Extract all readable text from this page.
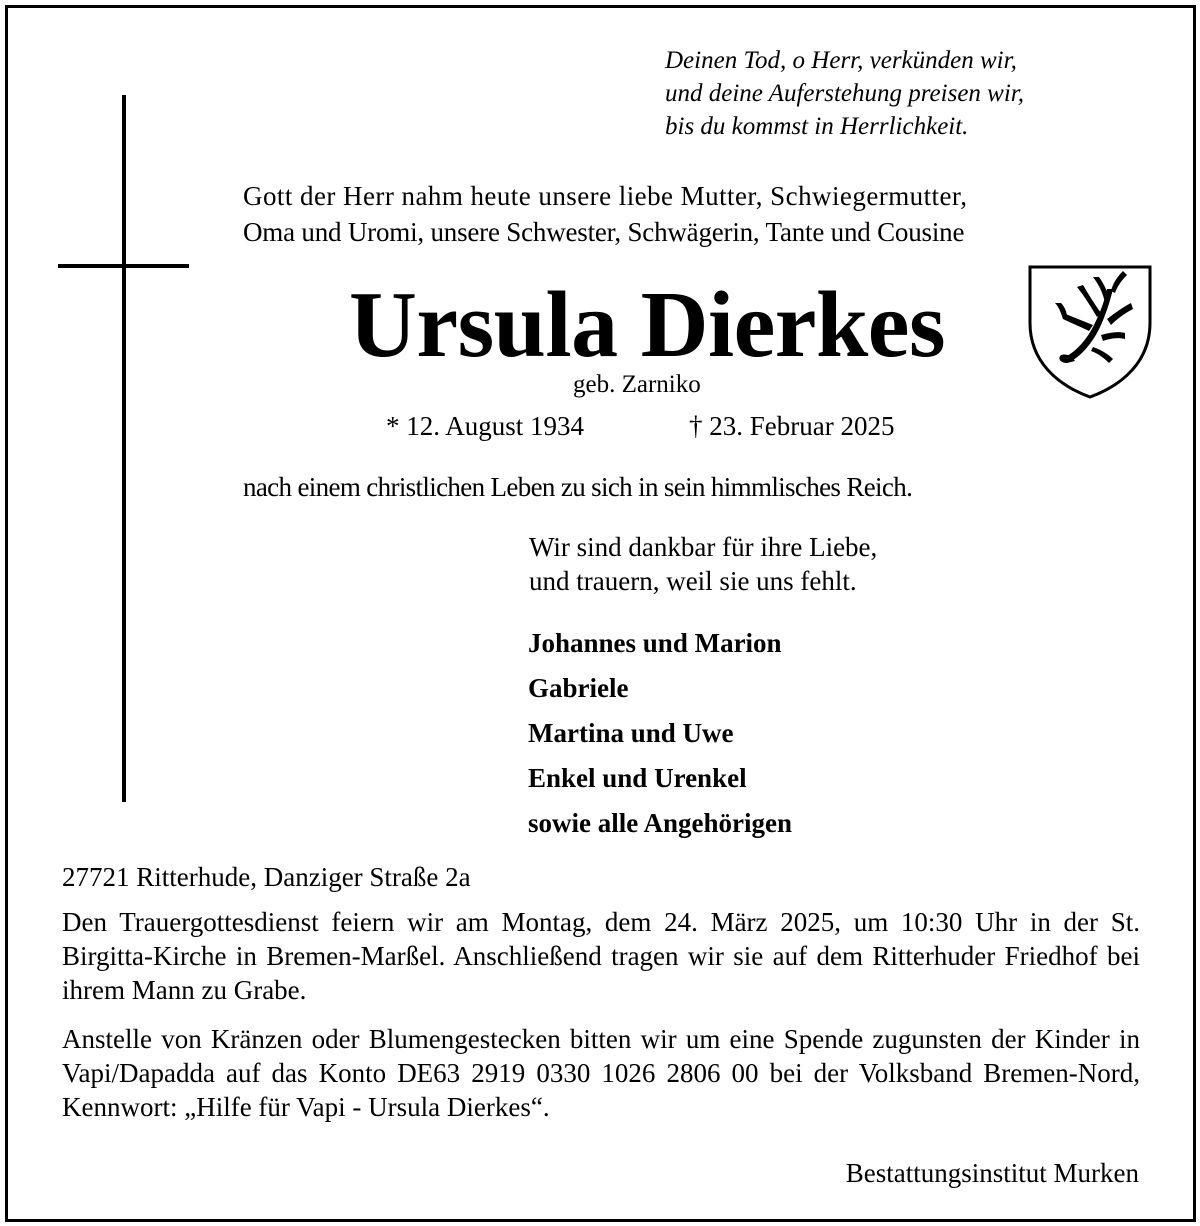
Deinen Tod, o Herr, verkünden wir,
und deine Auferstehung preisen wir,
bis du kommst in Herrlichkeit.
Gott der Herr nahm heute unsere liebe Mutter, Schwiegermutter,
Oma und Uromi, unsere Schwester, Schwägerin, Tante und Cousine
Ursula Dierkes
geb. Zarniko
* 12. August 1934	† 23. Februar 2025
nach einem christlichen Leben zu sich in sein himmlisches Reich.
Wir sind dankbar für ihre Liebe,
und trauern, weil sie uns fehlt.
Johannes und Marion
Gabriele
Martina und Uwe
Enkel und Urenkel
sowie alle Angehörigen
27721 Ritterhude, Danziger Straße 2a
Den Trauergottesdienst feiern wir am Montag, dem 24. März 2025, um 10:30 Uhr in der St. Birgitta-Kirche in Bremen-Marßel. Anschließend tragen wir sie auf dem Ritterhuder Friedhof bei ihrem Mann zu Grabe.
Anstelle von Kränzen oder Blumengestecken bitten wir um eine Spende zugunsten der Kinder in Vapi/Dapadda auf das Konto DE63 2919 0330 1026 2806 00 bei der Volksband Bremen-Nord, Kennwort: „Hilfe für Vapi - Ursula Dierkes“.
Bestattungsinstitut Murken
